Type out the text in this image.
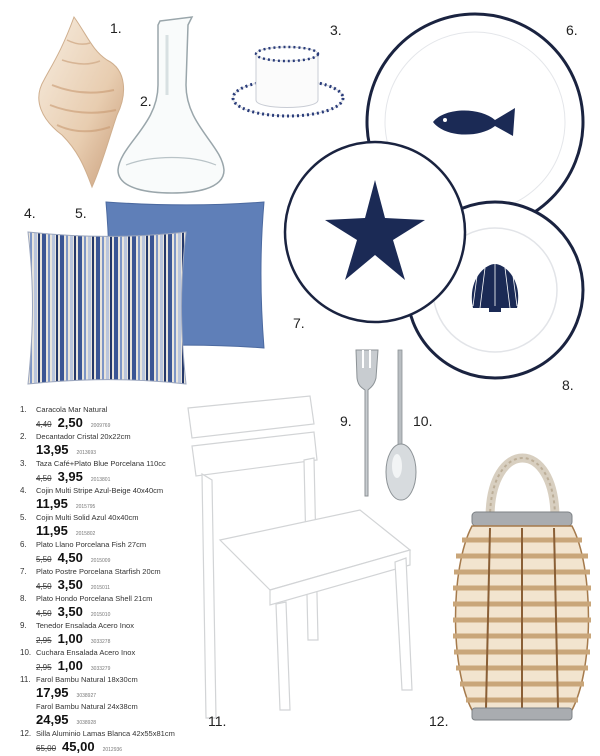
1.
2.
3.
4.	5.
6.
7.
8.
9.	10.
11.	12.
1. Caracola Mar Natural
4,40 2,50 2009769
2. Decantador Cristal 20x22cm
13,95 2013693
3. Taza Café+Plato Blue Porcelana 110cc
4,50 3,95 2013801
4. Cojin Multi Stripe Azul-Beige 40x40cm
11,95 2015795
5. Cojin Multi Solid Azul 40x40cm
11,95 2015802
6. Plato Llano Porcelana Fish 27cm
5,50 4,50 2015009
7. Plato Postre Porcelana Starfish 20cm
4,50 3,50 2015011
8. Plato Hondo Porcelana Shell 21cm
4,50 3,50 2015010
9. Tenedor Ensalada Acero Inox
2,95 1,00 3033278
10. Cuchara Ensalada Acero Inox
2,95 1,00 3033279
11. Farol Bambu Natural 18x30cm
17,95 3038927
Farol Bambu Natural 24x38cm
24,95 3038928
12. Silla Aluminio Lamas Blanca 42x55x81cm
65,00 45,00 2012936
